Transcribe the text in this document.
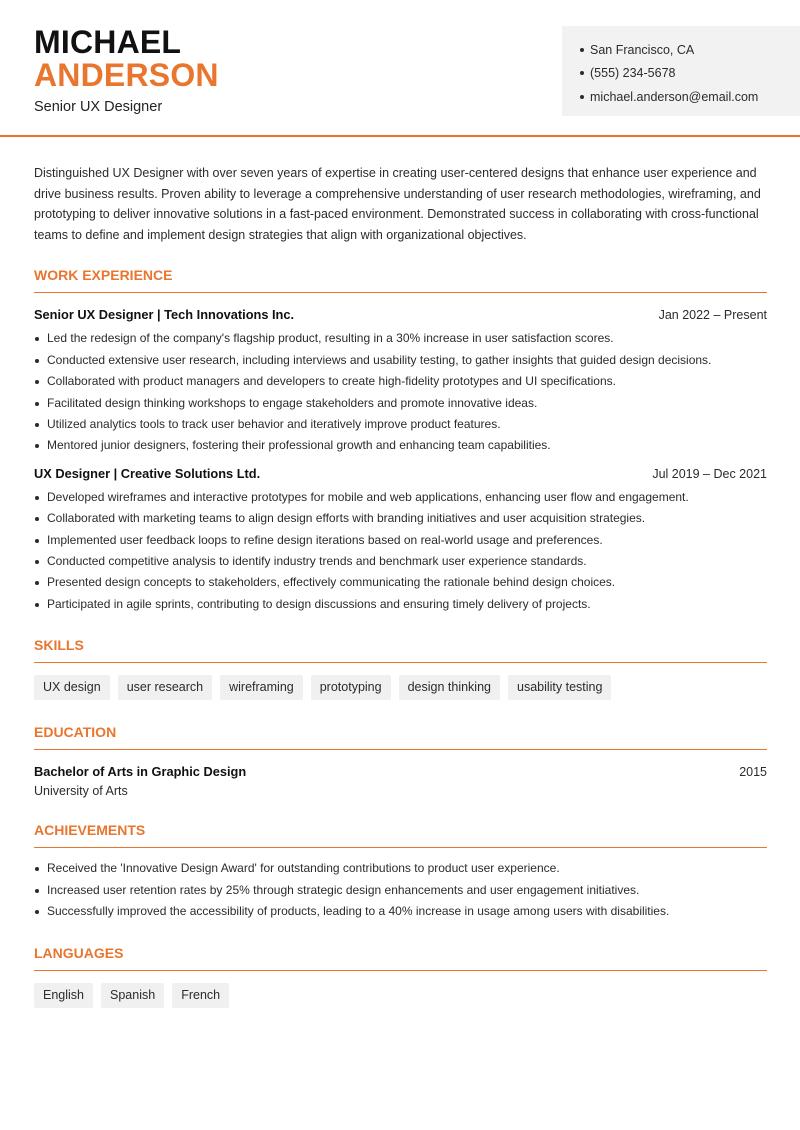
MICHAEL
ANDERSON
Senior UX Designer
San Francisco, CA
(555) 234-5678
michael.anderson@email.com

Distinguished UX Designer with over seven years of expertise in creating user-centered designs that enhance user experience and drive business results. Proven ability to leverage a comprehensive understanding of user research methodologies, wireframing, and prototyping to deliver innovative solutions in a fast-paced environment. Demonstrated success in collaborating with cross-functional teams to define and implement design strategies that align with organizational objectives.

WORK EXPERIENCE
Senior UX Designer | Tech Innovations Inc.	Jan 2022 – Present
Led the redesign of the company's flagship product, resulting in a 30% increase in user satisfaction scores.
Conducted extensive user research, including interviews and usability testing, to gather insights that guided design decisions.
Collaborated with product managers and developers to create high-fidelity prototypes and UI specifications.
Facilitated design thinking workshops to engage stakeholders and promote innovative ideas.
Utilized analytics tools to track user behavior and iteratively improve product features.
Mentored junior designers, fostering their professional growth and enhancing team capabilities.
UX Designer | Creative Solutions Ltd.	Jul 2019 – Dec 2021
Developed wireframes and interactive prototypes for mobile and web applications, enhancing user flow and engagement.
Collaborated with marketing teams to align design efforts with branding initiatives and user acquisition strategies.
Implemented user feedback loops to refine design iterations based on real-world usage and preferences.
Conducted competitive analysis to identify industry trends and benchmark user experience standards.
Presented design concepts to stakeholders, effectively communicating the rationale behind design choices.
Participated in agile sprints, contributing to design discussions and ensuring timely delivery of projects.
SKILLS
UX design	user research	wireframing	prototyping	design thinking	usability testing
EDUCATION
Bachelor of Arts in Graphic Design	2015
University of Arts
ACHIEVEMENTS
Received the 'Innovative Design Award' for outstanding contributions to product user experience.
Increased user retention rates by 25% through strategic design enhancements and user engagement initiatives.
Successfully improved the accessibility of products, leading to a 40% increase in usage among users with disabilities.
LANGUAGES
English	Spanish	French
